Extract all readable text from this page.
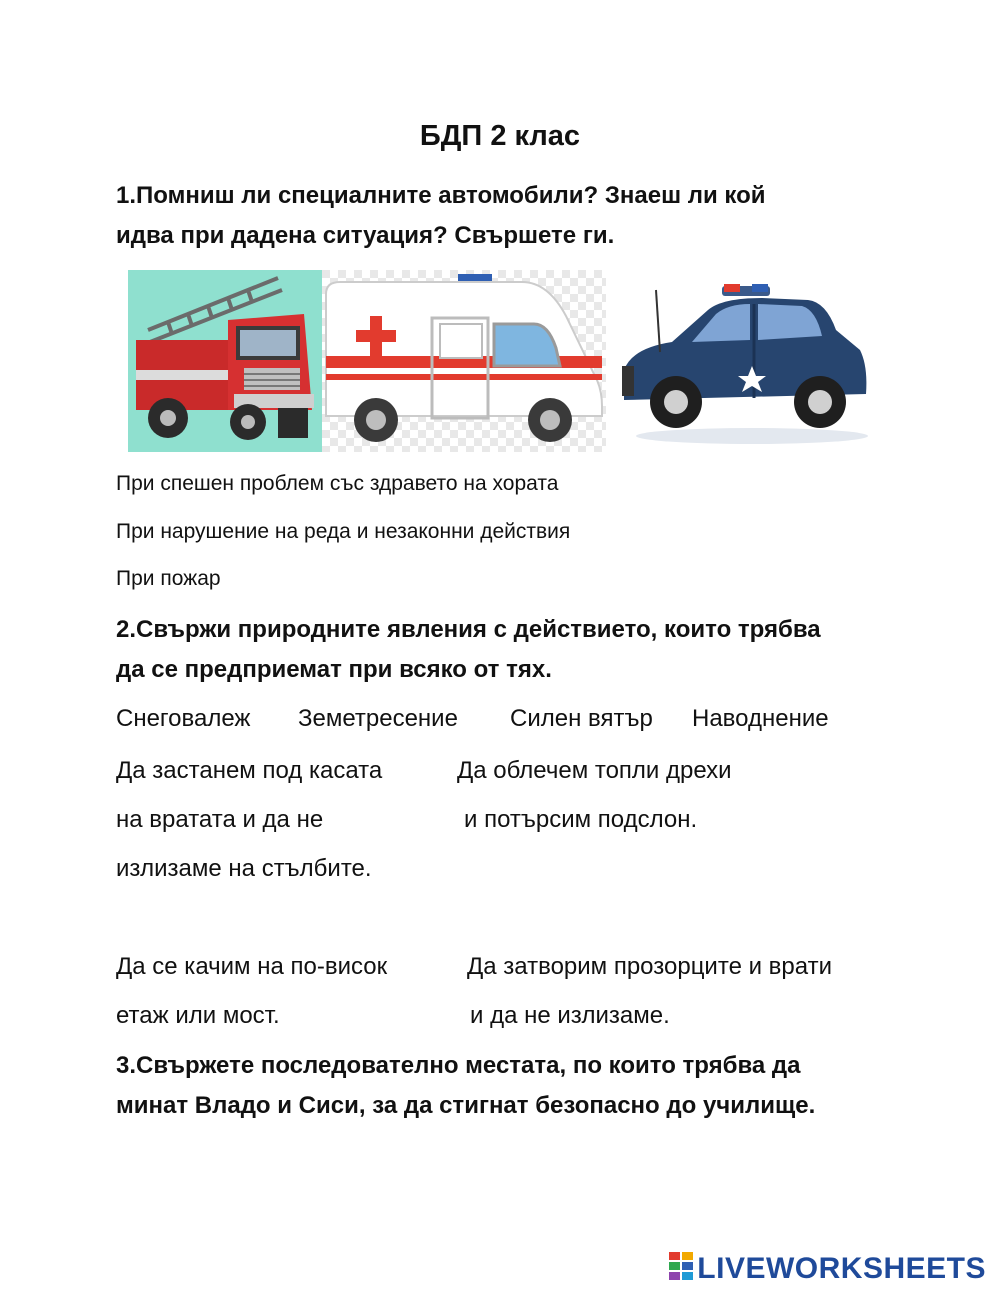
БДП 2 клас
1.Помниш ли специалните автомобили? Знаеш ли кой
идва при дадена ситуация? Свършете ги.
При спешен проблем със здравето на хората
При нарушение на реда и незаконни действия
При пожар
2.Свържи природните явления с действието, които трябва
да се предприемат при всяко от тях.
Снеговалеж Земетресение Силен вятър Наводнение
Да застанем под касата
на вратата и да не
излизаме на стълбите.
Да облечем топли дрехи
и потърсим подслон.
Да се качим на по-висок
етаж или мост.
Да затворим прозорците и врати
и да не излизаме.
3.Свържете последователно местата, по които трябва да
минат Владо и Сиси, за да стигнат безопасно до училище.
LIVEWORKSHEETS
